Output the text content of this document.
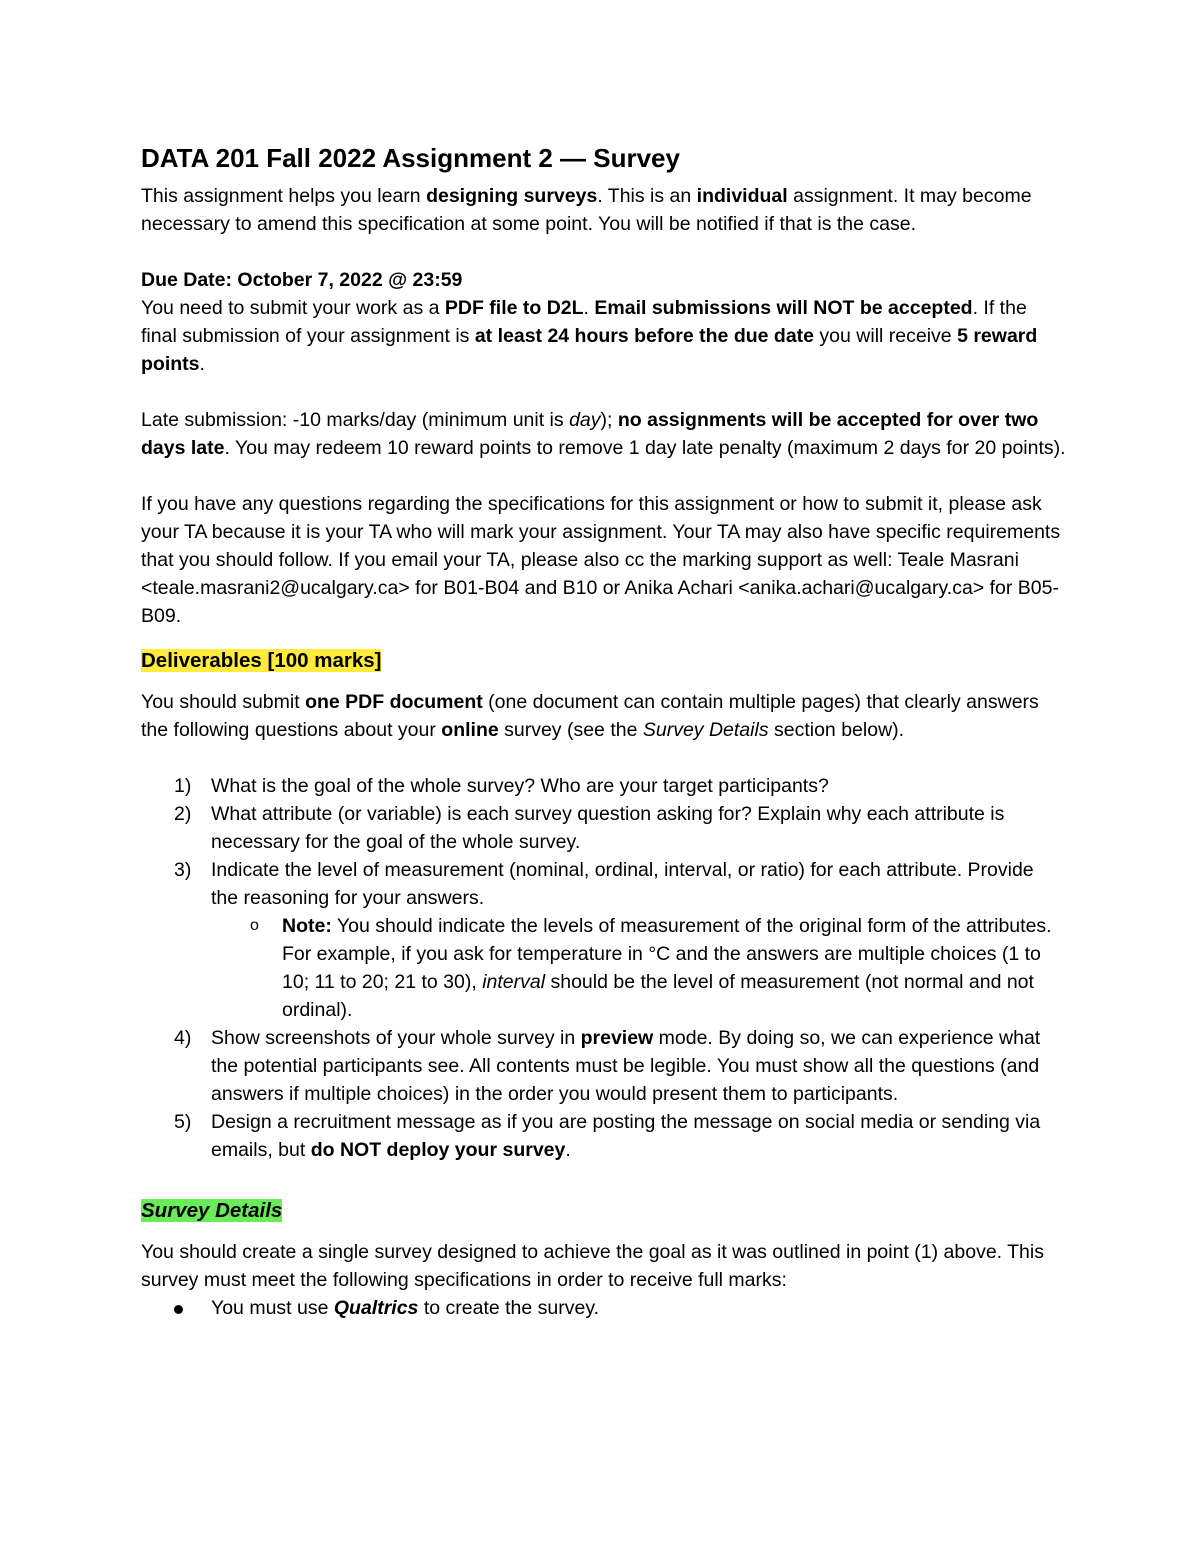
DATA 201 Fall 2022 Assignment 2 — Survey

This assignment helps you learn designing surveys. This is an individual assignment. It may become necessary to amend this specification at some point. You will be notified if that is the case.

Due Date: October 7, 2022 @ 23:59

You need to submit your work as a PDF file to D2L. Email submissions will NOT be accepted. If the final submission of your assignment is at least 24 hours before the due date you will receive 5 reward points.

Late submission: -10 marks/day (minimum unit is day); no assignments will be accepted for over two days late. You may redeem 10 reward points to remove 1 day late penalty (maximum 2 days for 20 points).

If you have any questions regarding the specifications for this assignment or how to submit it, please ask your TA because it is your TA who will mark your assignment. Your TA may also have specific requirements that you should follow. If you email your TA, please also cc the marking support as well: Teale Masrani <teale.masrani2@ucalgary.ca> for B01-B04 and B10 or Anika Achari <anika.achari@ucalgary.ca> for B05-B09.

Deliverables [100 marks]

You should submit one PDF document (one document can contain multiple pages) that clearly answers the following questions about your online survey (see the Survey Details section below).

1) What is the goal of the whole survey? Who are your target participants?
2) What attribute (or variable) is each survey question asking for? Explain why each attribute is necessary for the goal of the whole survey.
3) Indicate the level of measurement (nominal, ordinal, interval, or ratio) for each attribute. Provide the reasoning for your answers.
o Note: You should indicate the levels of measurement of the original form of the attributes. For example, if you ask for temperature in °C and the answers are multiple choices (1 to 10; 11 to 20; 21 to 30), interval should be the level of measurement (not normal and not ordinal).
4) Show screenshots of your whole survey in preview mode. By doing so, we can experience what the potential participants see. All contents must be legible. You must show all the questions (and answers if multiple choices) in the order you would present them to participants.
5) Design a recruitment message as if you are posting the message on social media or sending via emails, but do NOT deploy your survey.
Survey Details

You should create a single survey designed to achieve the goal as it was outlined in point (1) above. This survey must meet the following specifications in order to receive full marks:

You must use Qualtrics to create the survey.
